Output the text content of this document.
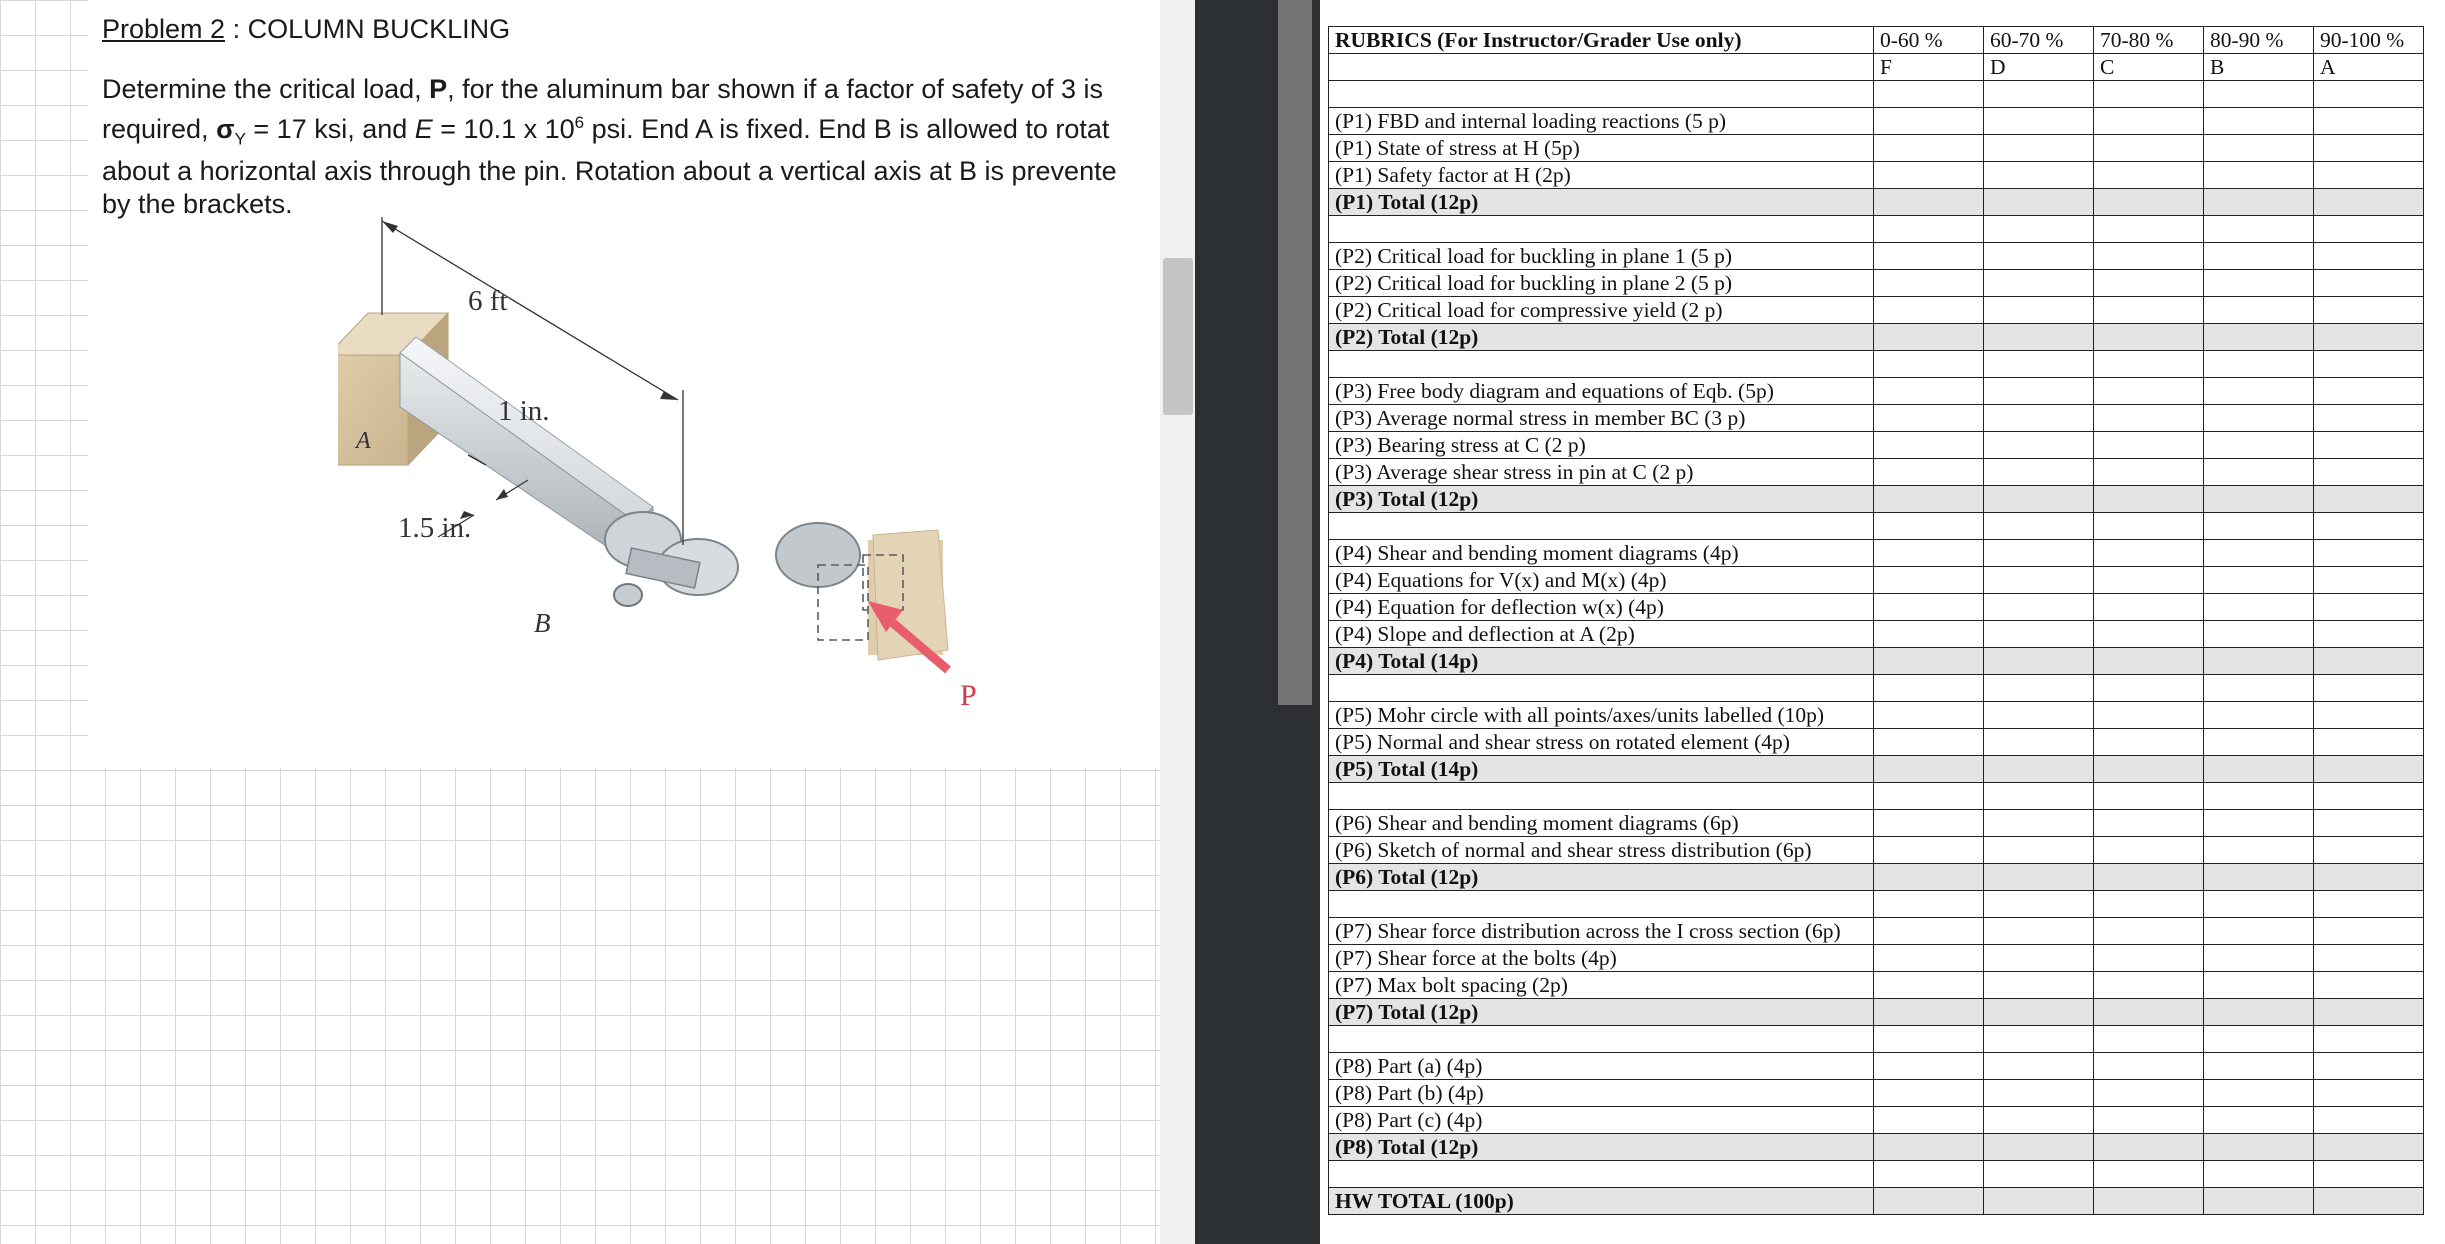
Problem 2 : COLUMN BUCKLING

Determine the critical load, P, for the aluminum bar shown if a factor of safety of 3 is
required, $\sigma_Y = 17$ ksi, and E = 10.1 x $10^6$ psi. End A is fixed. End B is allowed to rotat
about a horizontal axis through the pin. Rotation about a vertical axis at B is prevente
by the brackets.

6 ft
1 in.
1.5 in.
A
B
P
RUBRICS (For Instructor/Grader Use only)	0-60 %	60-70 %	70-80 %	80-90 %	90-100 %
	F	D	C	B	A

(P1) FBD and internal loading reactions (5 p)					
(P1) State of stress at H (5p)					
(P1) Safety factor at H (2p)					
(P1) Total (12p)					

(P2) Critical load for buckling in plane 1 (5 p)					
(P2) Critical load for buckling in plane 2 (5 p)					
(P2) Critical load for compressive yield (2 p)					
(P2) Total (12p)					

(P3) Free body diagram and equations of Eqb. (5p)					
(P3) Average normal stress in member BC (3 p)					
(P3) Bearing stress at C (2 p)					
(P3) Average shear stress in pin at C (2 p)					
(P3) Total (12p)					

(P4) Shear and bending moment diagrams (4p)					
(P4) Equations for V(x) and M(x) (4p)					
(P4) Equation for deflection w(x) (4p)					
(P4) Slope and deflection at A (2p)					
(P4) Total (14p)					

(P5) Mohr circle with all points/axes/units labelled (10p)					
(P5) Normal and shear stress on rotated element (4p)					
(P5) Total (14p)					

(P6) Shear and bending moment diagrams (6p)					
(P6) Sketch of normal and shear stress distribution (6p)					
(P6) Total (12p)					

(P7) Shear force distribution across the I cross section (6p)					
(P7) Shear force at the bolts (4p)					
(P7) Max bolt spacing (2p)					
(P7) Total (12p)					

(P8) Part (a) (4p)					
(P8) Part (b) (4p)					
(P8) Part (c) (4p)					
(P8) Total (12p)					

HW TOTAL (100p)					
